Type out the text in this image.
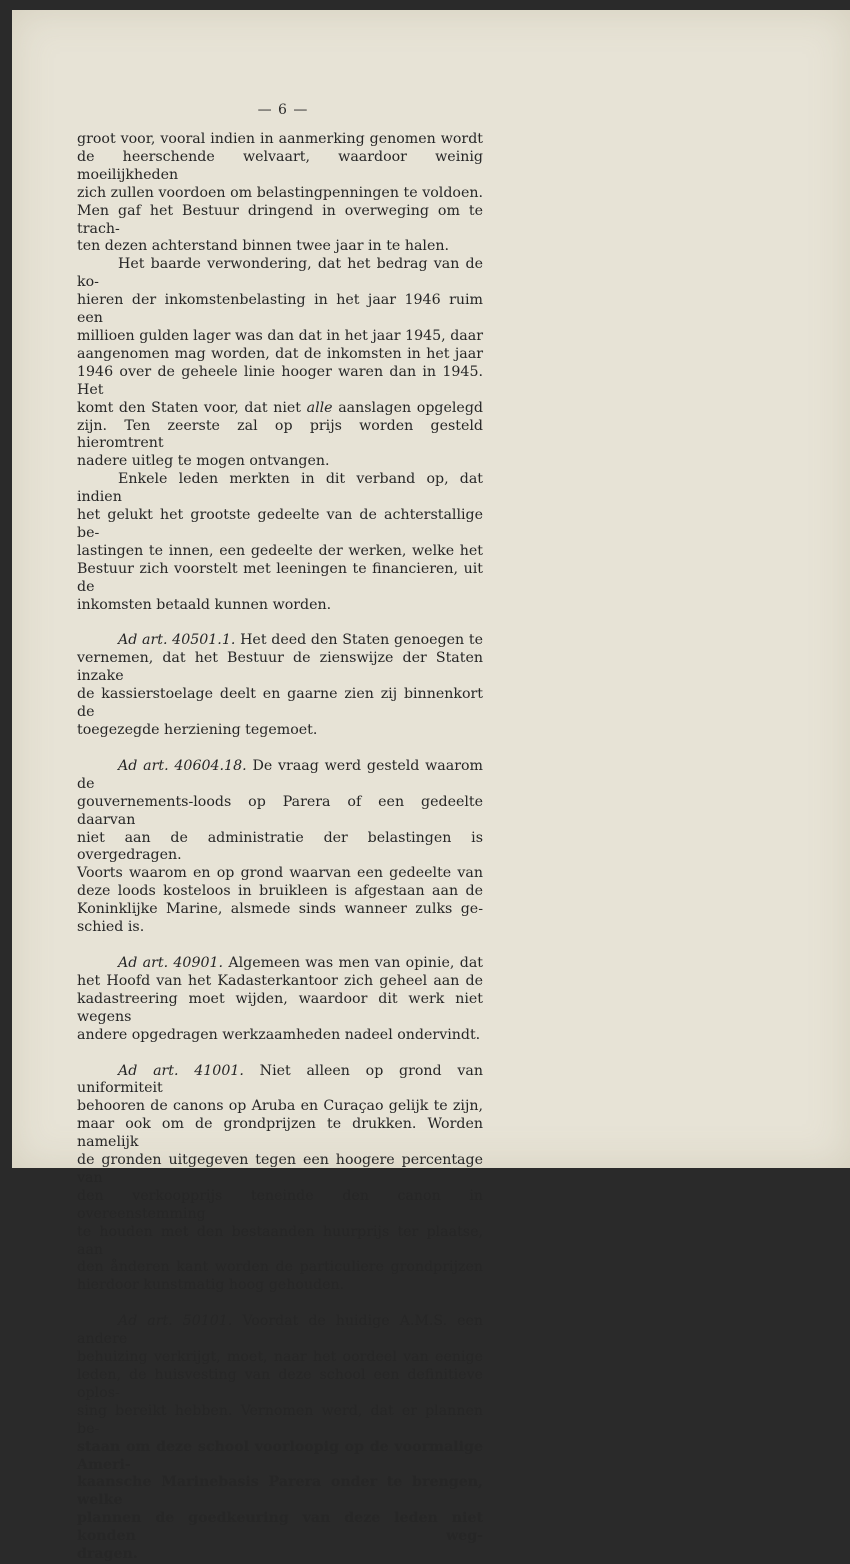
— 6 —

groot voor, vooral indien in aanmerking genomen wordt

de heerschende welvaart, waardoor weinig moeilijkheden

zich zullen voordoen om belastingpenningen te voldoen.

Men gaf het Bestuur dringend in overweging om te trach-

ten dezen achterstand binnen twee jaar in te halen.

Het baarde verwondering, dat het bedrag van de ko-

hieren der inkomstenbelasting in het jaar 1946 ruim een

millioen gulden lager was dan dat in het jaar 1945, daar

aangenomen mag worden, dat de inkomsten in het jaar

1946 over de geheele linie hooger waren dan in 1945. Het

komt den Staten voor, dat niet alle aanslagen opgelegd

zijn. Ten zeerste zal op prijs worden gesteld hieromtrent

nadere uitleg te mogen ontvangen.

Enkele leden merkten in dit verband op, dat indien

het gelukt het grootste gedeelte van de achterstallige be-

lastingen te innen, een gedeelte der werken, welke het

Bestuur zich voorstelt met leeningen te financieren, uit de

inkomsten betaald kunnen worden.

Ad art. 40501.1. Het deed den Staten genoegen te

vernemen, dat het Bestuur de zienswijze der Staten inzake

de kassierstoelage deelt en gaarne zien zij binnenkort de

toegezegde herziening tegemoet.

Ad art. 40604.18. De vraag werd gesteld waarom de

gouvernements-loods op Parera of een gedeelte daarvan

niet aan de administratie der belastingen is overgedragen.

Voorts waarom en op grond waarvan een gedeelte van

deze loods kosteloos in bruikleen is afgestaan aan de

Koninklijke Marine, alsmede sinds wanneer zulks ge-

schied is.

Ad art. 40901. Algemeen was men van opinie, dat

het Hoofd van het Kadasterkantoor zich geheel aan de

kadastreering moet wijden, waardoor dit werk niet wegens

andere opgedragen werkzaamheden nadeel ondervindt.

Ad art. 41001. Niet alleen op grond van uniformiteit

behooren de canons op Aruba en Curaçao gelijk te zijn,

maar ook om de grondprijzen te drukken. Worden namelijk

de gronden uitgegeven tegen een hoogere percentage van

den verkoopprijs teneinde den canon in overeenstemming

te houden met den bestaanden huurprijs ter plaatse, aan

den ånderen kant worden de particuliere grondprijzen

hierdoor kunstmatig hoog gehouden.

Ad art. 50101. Voordat de huidige A.M.S. een andere

behuizing verkrijgt, moet, naar het oordeel van eenige

leden, de huisvesting van deze school een definitieve oplos-

sing bereikt hebben. Vernomen werd, dat er plannen be-

staan om deze school voorloopig op de voormalige Ameri-

kaansche Marinebasis Parera onder te brengen, welke

plannen de goedkeuring van deze leden niet konden weg-

dragen.
